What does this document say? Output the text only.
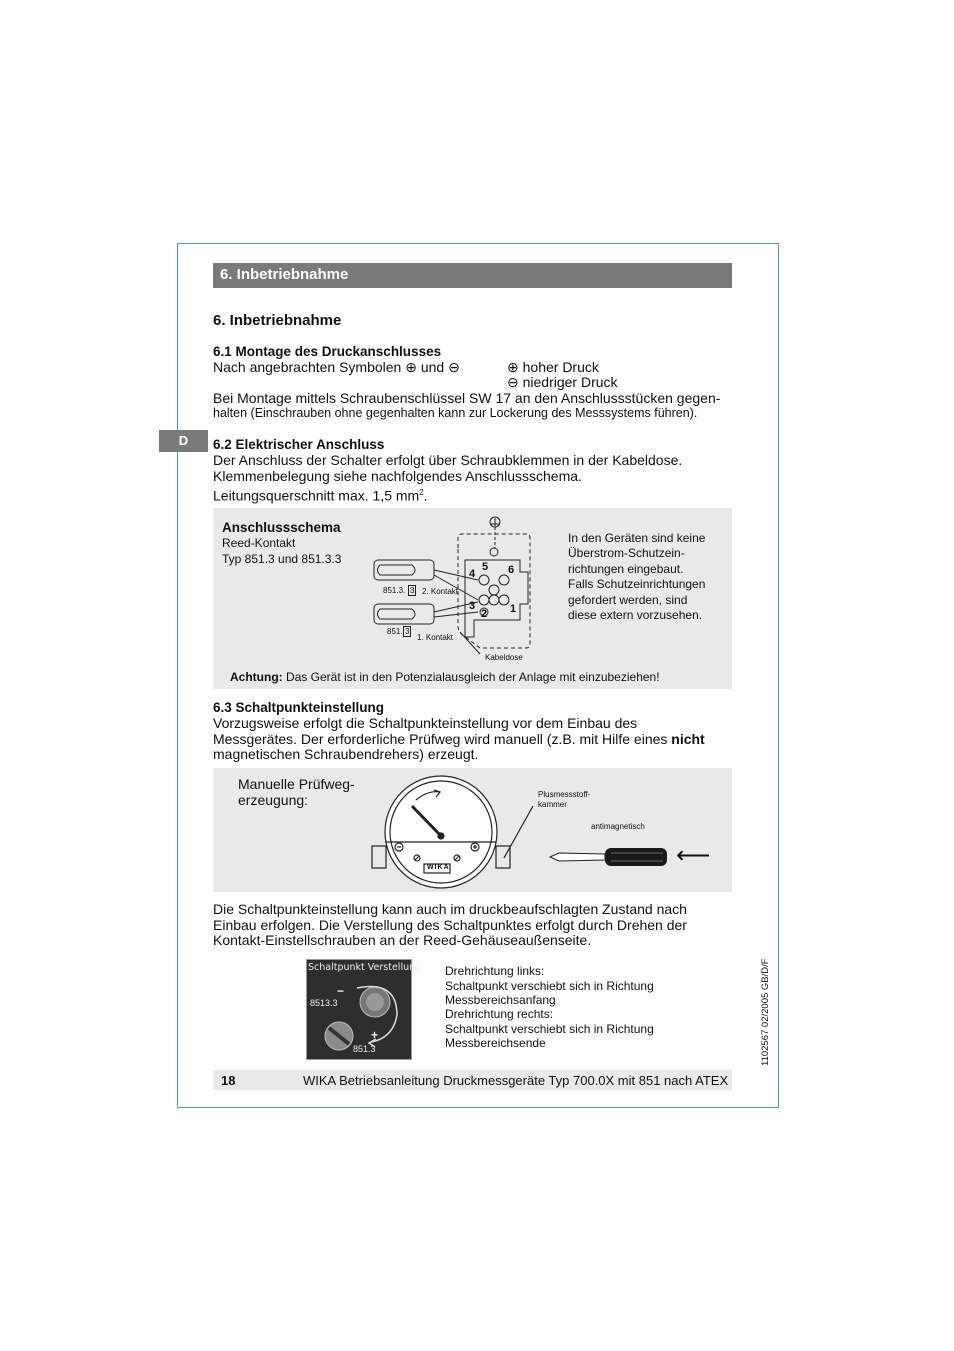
6. Inbetriebnahme
D
6. Inbetriebnahme
6.1 Montage des Druckanschlusses
Nach angebrachten Symbolen ⊕ und ⊖	⊕ hoher Druck
⊖ niedriger Druck
Bei Montage mittels Schraubenschlüssel SW 17 an den Anschlussstücken gegen-
halten (Einschrauben ohne gegenhalten kann zur Lockerung des Messsystems führen).
6.2 Elektrischer Anschluss
Der Anschluss der Schalter erfolgt über Schraubklemmen in der Kabeldose.
Klemmenbelegung siehe nachfolgendes Anschlussschema.
Leitungsquerschnitt max. 1,5 $mm^2$.
Anschlussschema
Reed-Kontakt
Typ 851.3 und 851.3.3
In den Geräten sind keine
Überstrom-Schutzein-
richtungen eingebaut.
Falls Schutzeinrichtungen
gefordert werden, sind
diese extern vorzusehen.
5 6
4
3
2 1
851.3. 3 2. Kontakt
851. 3
1. Kontakt
Kabeldose
Achtung: Das Gerät ist in den Potenzialausgleich der Anlage mit einzubeziehen!
6.3 Schaltpunkteinstellung
Vorzugsweise erfolgt die Schaltpunkteinstellung vor dem Einbau des
Messgerätes. Der erforderliche Prüfweg wird manuell (z.B. mit Hilfe eines nicht
magnetischen Schraubendrehers) erzeugt.
Manuelle Prüfweg-
erzeugung:
WIKA
Plusmessstoff-
kammer
antimagnetisch
⟵
Die Schaltpunkteinstellung kann auch im druckbeaufschlagten Zustand nach
Einbau erfolgen. Die Verstellung des Schaltpunktes erfolgt durch Drehen der
Kontakt-Einstellschrauben an der Reed-Gehäuseaußenseite.
Schaltpunkt Verstellung
8513.3
851.3
−
+
Drehrichtung links:
Schaltpunkt verschiebt sich in Richtung
Messbereichsanfang
Drehrichtung rechts:
Schaltpunkt verschiebt sich in Richtung
Messbereichsende	1102567 02/2005 GB/D/F
18	WIKA Betriebsanleitung Druckmessgeräte Typ 700.0X mit 851 nach ATEX
